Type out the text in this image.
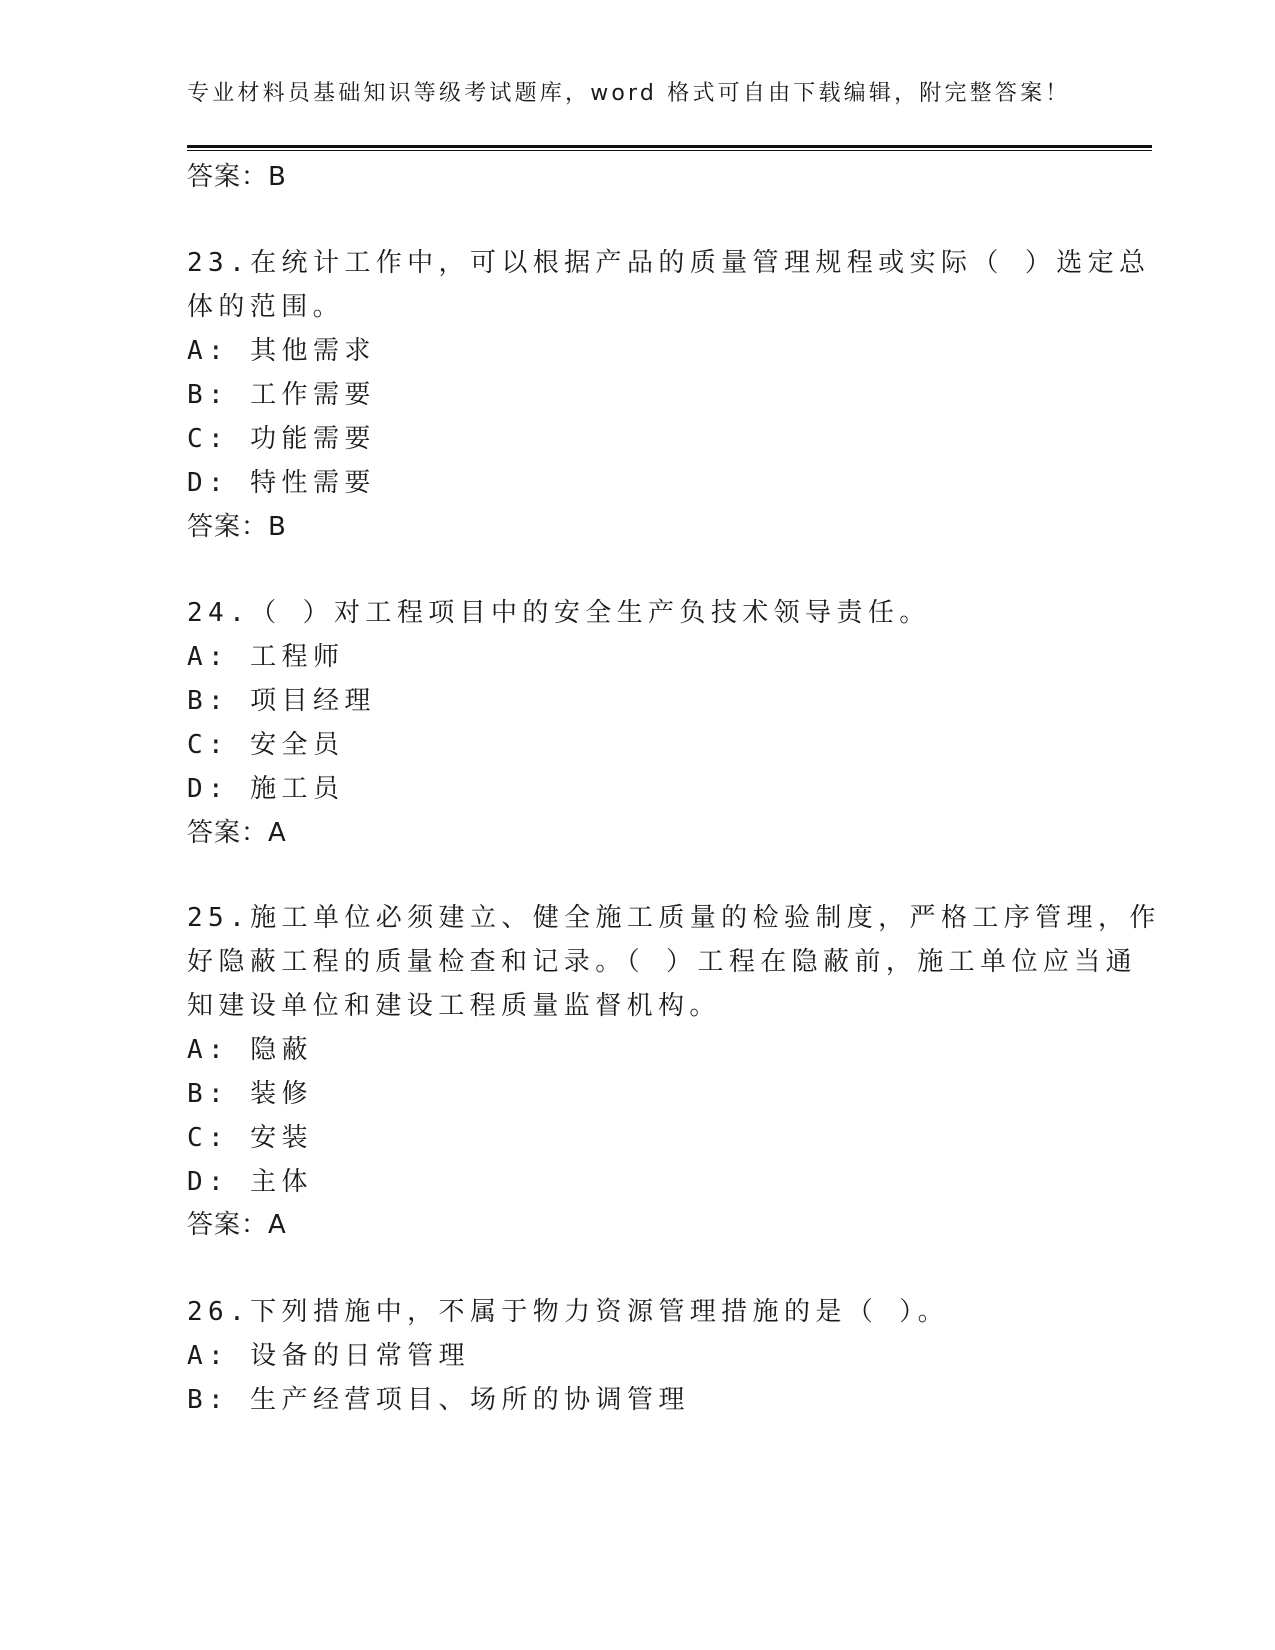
专业材料员基础知识等级考试题库，word 格式可自由下载编辑，附完整答案！
答案：B
23.在统计工作中，可以根据产品的质量管理规程或实际（ ）选定总
体的范围。
A: 其他需求
B: 工作需要
C: 功能需要
D: 特性需要
答案：B
24.（ ）对工程项目中的安全生产负技术领导责任。
A: 工程师
B: 项目经理
C: 安全员
D: 施工员
答案：A
25.施工单位必须建立、健全施工质量的检验制度，严格工序管理，作
好隐蔽工程的质量检查和记录。（ ）工程在隐蔽前，施工单位应当通
知建设单位和建设工程质量监督机构。
A: 隐蔽
B: 装修
C: 安装
D: 主体
答案：A
26.下列措施中，不属于物力资源管理措施的是（ ）。
A: 设备的日常管理
B: 生产经营项目、场所的协调管理
